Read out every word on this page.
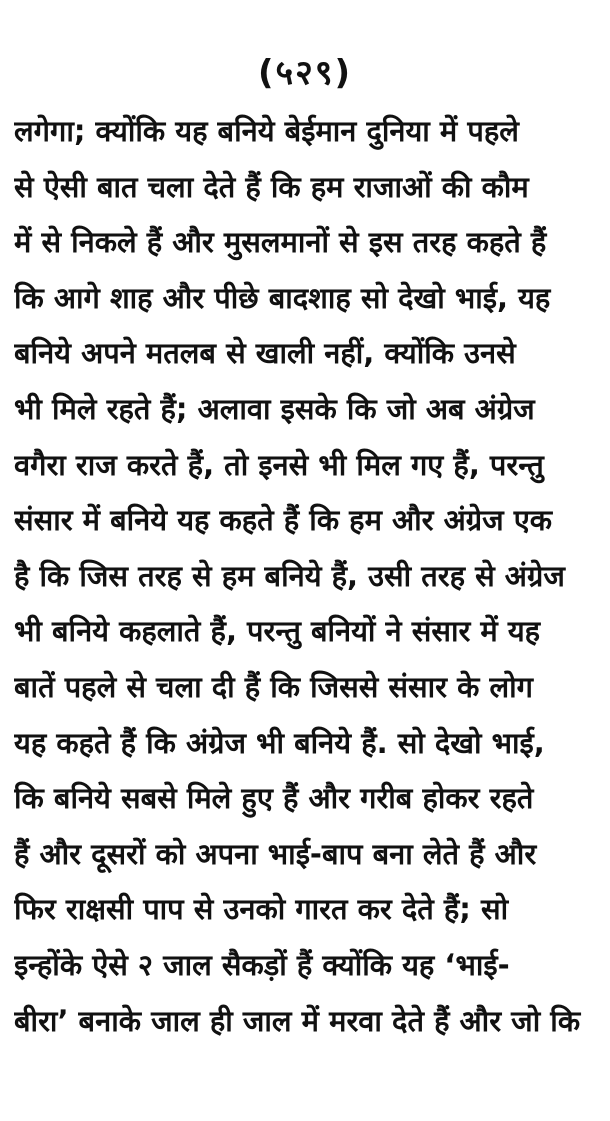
(५२९)
लगेगा; क्योंकि यह बनिये बेईमान दुनिया में पहले
से ऐसी बात चला देते हैं कि हम राजाओं की कौम
में से निकले हैं और मुसलमानों से इस तरह कहते हैं
कि आगे शाह और पीछे बादशाह सो देखो भाई, यह
बनिये अपने मतलब से खाली नहीं, क्योंकि उनसे
भी मिले रहते हैं; अलावा इसके कि जो अब अंग्रेज
वगैरा राज करते हैं, तो इनसे भी मिल गए हैं, परन्तु
संसार में बनिये यह कहते हैं कि हम और अंग्रेज एक
है कि जिस तरह से हम बनिये हैं, उसी तरह से अंग्रेज
भी बनिये कहलाते हैं, परन्तु बनियों ने संसार में यह
बातें पहले से चला दी हैं कि जिससे संसार के लोग
यह कहते हैं कि अंग्रेज भी बनिये हैं. सो देखो भाई,
कि बनिये सबसे मिले हुए हैं और गरीब होकर रहते
हैं और दूसरों को अपना भाई-बाप बना लेते हैं और
फिर राक्षसी पाप से उनको गारत कर देते हैं; सो
इन्होंके ऐसे २ जाल सैकड़ों हैं क्योंकि यह ‘भाई-
बीरा’ बनाके जाल ही जाल में मरवा देते हैं और जो कि
